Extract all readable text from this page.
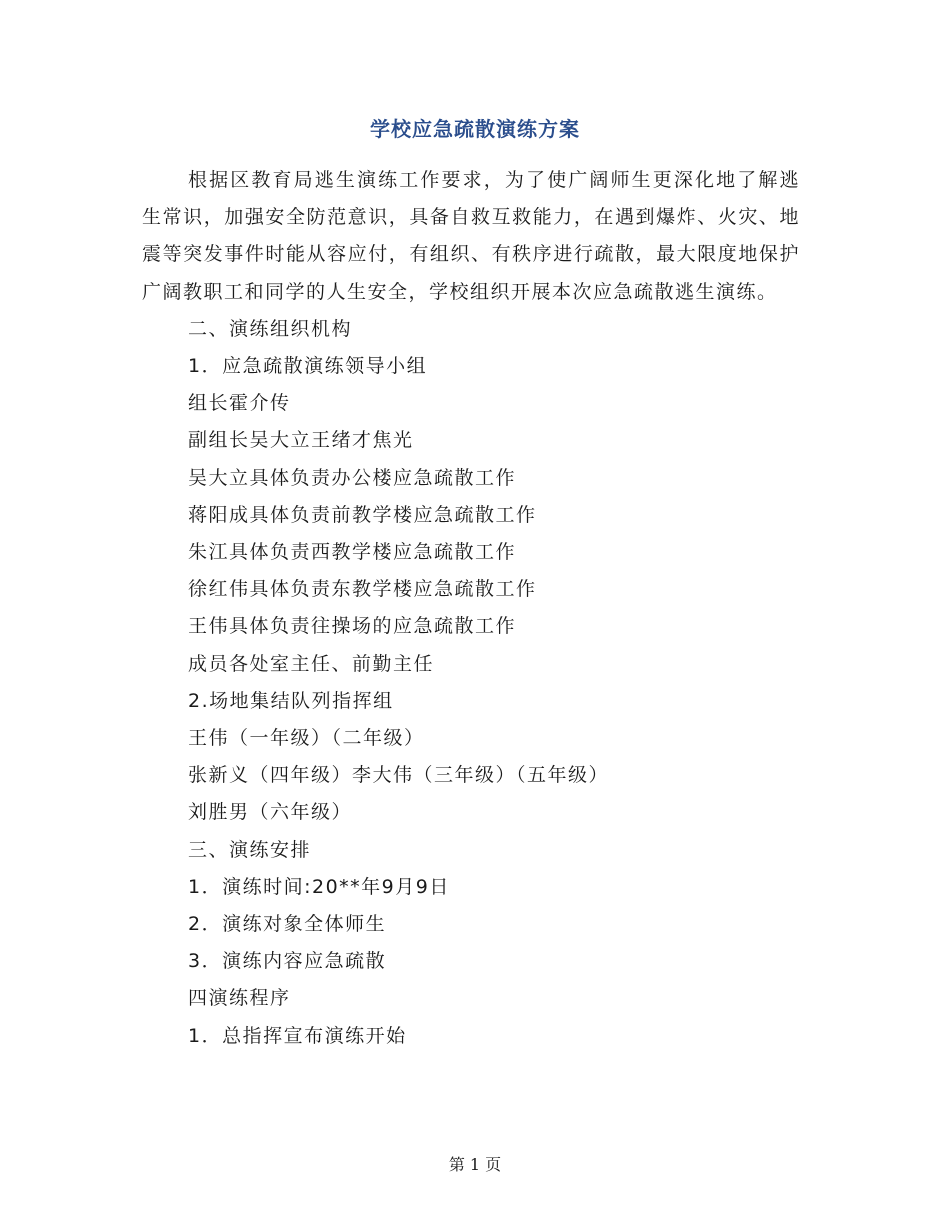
学校应急疏散演练方案

根据区教育局逃生演练工作要求，为了使广阔师生更深化地了解逃生常识，加强安全防范意识，具备自救互救能力，在遇到爆炸、火灾、地震等突发事件时能从容应付，有组织、有秩序进行疏散，最大限度地保护广阔教职工和同学的人生安全，学校组织开展本次应急疏散逃生演练。

二、演练组织机构

1．应急疏散演练领导小组

组长霍介传

副组长吴大立王绪才焦光

吴大立具体负责办公楼应急疏散工作

蒋阳成具体负责前教学楼应急疏散工作

朱江具体负责西教学楼应急疏散工作

徐红伟具体负责东教学楼应急疏散工作

王伟具体负责往操场的应急疏散工作

成员各处室主任、前勤主任

2.场地集结队列指挥组

王伟（一年级）（二年级）

张新义（四年级）李大伟（三年级）（五年级）

刘胜男（六年级）

三、演练安排

1．演练时间:20**年9月9日

2．演练对象全体师生

3．演练内容应急疏散

四演练程序

1．总指挥宣布演练开始

第 1 页
